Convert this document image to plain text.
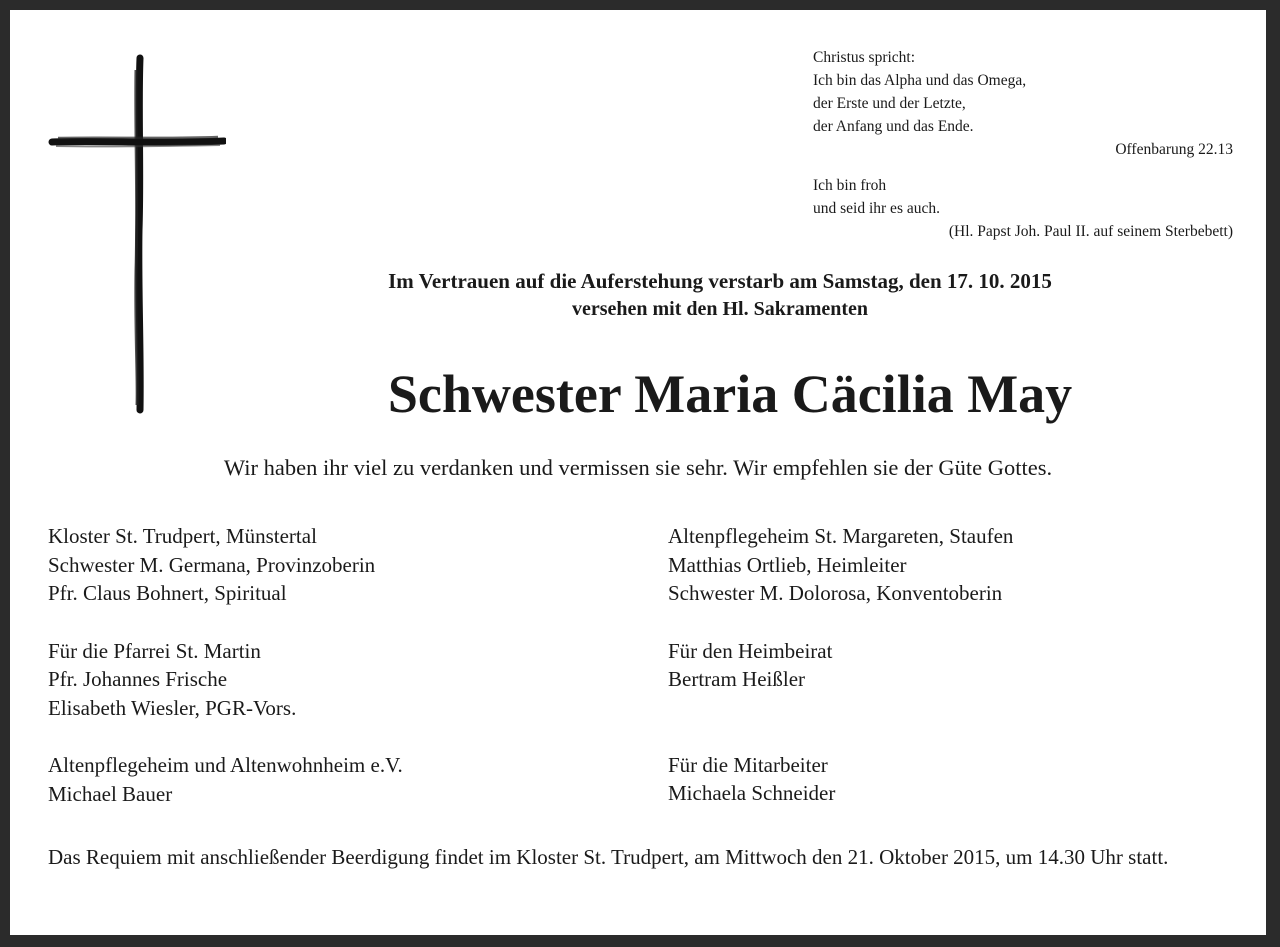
Christus spricht:
Ich bin das Alpha und das Omega,
der Erste und der Letzte,
der Anfang und das Ende.
Offenbarung 22.13
Ich bin froh
und seid ihr es auch.
(Hl. Papst Joh. Paul II. auf seinem Sterbebett)
Im Vertrauen auf die Auferstehung verstarb am Samstag, den 17. 10. 2015
versehen mit den Hl. Sakramenten
Schwester Maria Cäcilia May
Wir haben ihr viel zu verdanken und vermissen sie sehr. Wir empfehlen sie der Güte Gottes.
Kloster St. Trudpert, Münstertal
Schwester M. Germana, Provinzoberin
Pfr. Claus Bohnert, Spiritual
Für die Pfarrei St. Martin
Pfr. Johannes Frische
Elisabeth Wiesler, PGR-Vors.
Altenpflegeheim und Altenwohnheim e.V.
Michael Bauer
Altenpflegeheim St. Margareten, Staufen
Matthias Ortlieb, Heimleiter
Schwester M. Dolorosa, Konventoberin
Für den Heimbeirat
Bertram Heißler
Für die Mitarbeiter
Michaela Schneider
Das Requiem mit anschließender Beerdigung findet im Kloster St. Trudpert, am Mittwoch den 21. Oktober 2015, um 14.30 Uhr statt.
